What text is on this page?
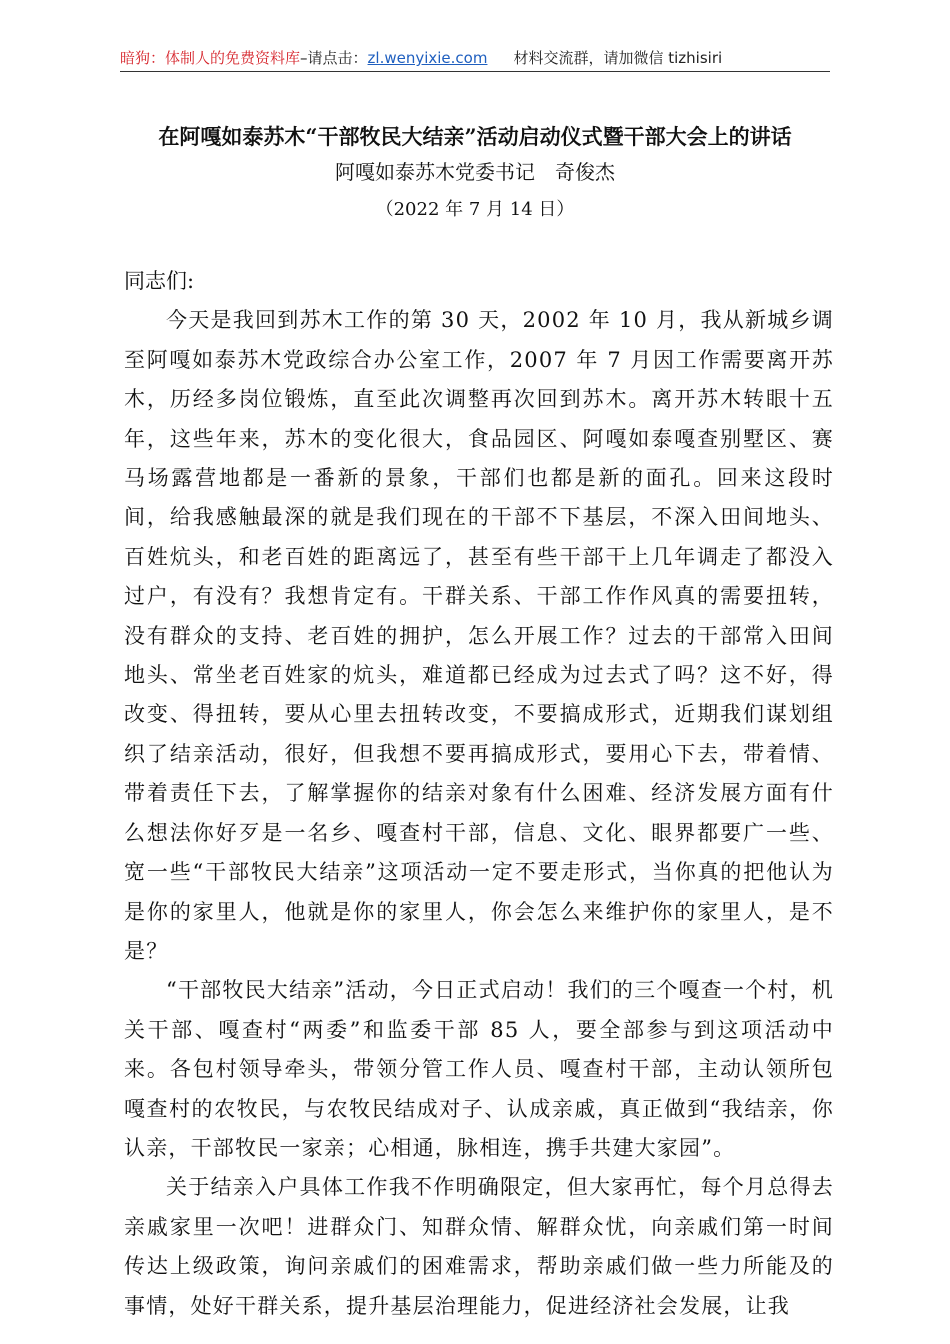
暗狗：体制人的免费资料库–请点击：zl.wenyixie.com 材料交流群，请加微信 tizhisiri
在阿嘎如泰苏木“干部牧民大结亲”活动启动仪式暨干部大会上的讲话
阿嘎如泰苏木党委书记　奇俊杰
（2022 年 7 月 14 日）

同志们:

今天是我回到苏木工作的第 30 天，2002 年 10 月，我从新城乡调至阿嘎如泰苏木党政综合办公室工作，2007 年 7 月因工作需要离开苏木，历经多岗位锻炼，直至此次调整再次回到苏木。离开苏木转眼十五年，这些年来，苏木的变化很大，食品园区、阿嘎如泰嘎查别墅区、赛马场露营地都是一番新的景象，干部们也都是新的面孔。回来这段时间，给我感触最深的就是我们现在的干部不下基层，不深入田间地头、百姓炕头，和老百姓的距离远了，甚至有些干部干上几年调走了都没入过户，有没有？我想肯定有。干群关系、干部工作作风真的需要扭转，没有群众的支持、老百姓的拥护，怎么开展工作？过去的干部常入田间地头、常坐老百姓家的炕头，难道都已经成为过去式了吗？这不好，得改变、得扭转，要从心里去扭转改变，不要搞成形式，近期我们谋划组织了结亲活动，很好，但我想不要再搞成形式，要用心下去，带着情、带着责任下去，了解掌握你的结亲对象有什么困难、经济发展方面有什么想法你好歹是一名乡、嘎查村干部，信息、文化、眼界都要广一些、宽一些“干部牧民大结亲”这项活动一定不要走形式，当你真的把他认为是你的家里人，他就是你的家里人，你会怎么来维护你的家里人，是不是？

“干部牧民大结亲”活动，今日正式启动！我们的三个嘎查一个村，机关干部、嘎查村“两委”和监委干部 85 人，要全部参与到这项活动中来。各包村领导牵头，带领分管工作人员、嘎查村干部，主动认领所包嘎查村的农牧民，与农牧民结成对子、认成亲戚，真正做到“我结亲，你认亲，干部牧民一家亲；心相通，脉相连，携手共建大家园”。

关于结亲入户具体工作我不作明确限定，但大家再忙，每个月总得去亲戚家里一次吧！进群众门、知群众情、解群众忧，向亲戚们第一时间传达上级政策，询问亲戚们的困难需求，帮助亲戚们做一些力所能及的事情，处好干群关系，提升基层治理能力，促进经济社会发展，让我
